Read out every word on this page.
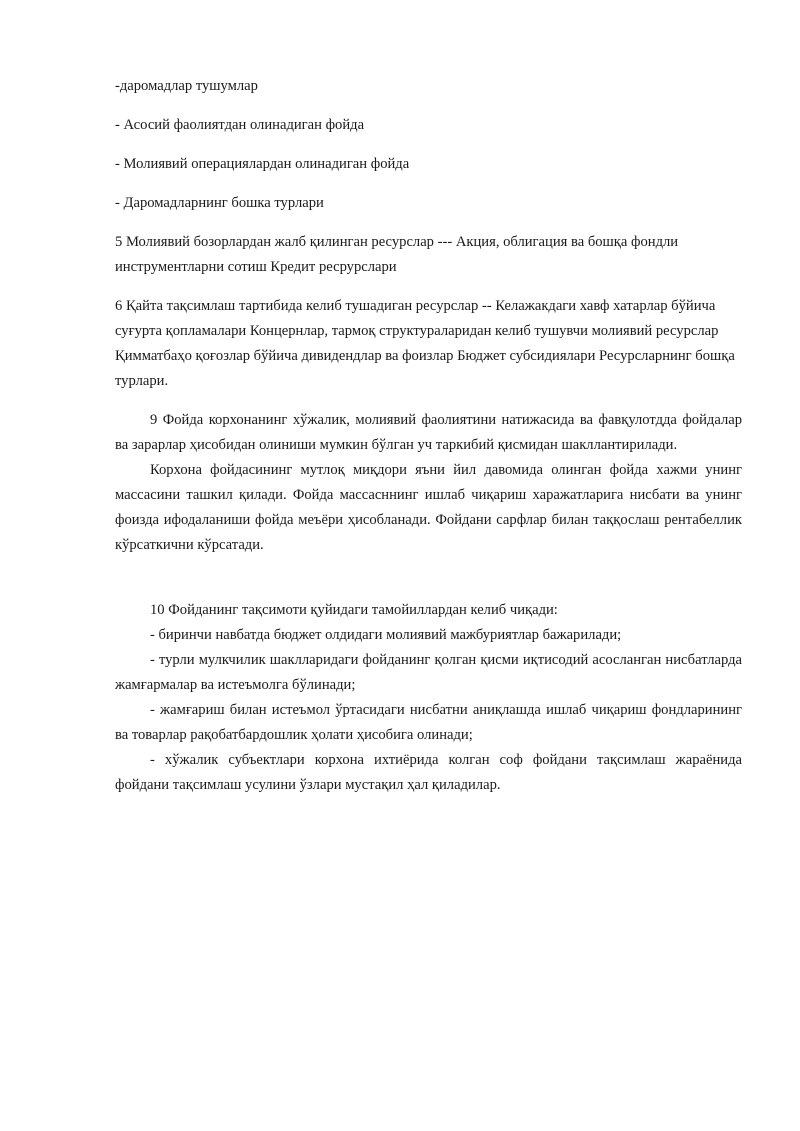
-даромадлар тушумлар

- Асосий фаолиятдан олинадиган фойда

- Молиявий операциялардан олинадиган фойда

- Даромадларнинг бошка турлари

5 Молиявий бозорлардан жалб қилинган ресурслар --- Акция, облигация ва бошқа фондли инструментларни сотиш Кредит ресрурслари

6 Қайта тақсимлаш тартибида келиб тушадиган ресурслар -- Келажакдаги хавф хатарлар бўйича суғурта қопламалари Концернлар, тармоқ структураларидан келиб тушувчи молиявий ресурслар Қимматбаҳо қоғозлар бўйича дивидендлар ва фоизлар Бюджет субсидиялари Ресурсларнинг бошқа турлари.

9 Фойда корхонанинг хўжалик, молиявий фаолиятини натижасида ва фавқулотдда фойдалар ва зарарлар ҳисобидан олиниши мумкин бўлган уч таркибий қисмидан шакллантирилади.

Корхона фойдасининг мутлоқ миқдори яъни йил давомида олинган фойда хажми унинг массасини ташкил қилади. Фойда массасннинг ишлаб чиқариш харажатларига нисбати ва унинг фоизда ифодаланиши фойда меъёри ҳисобланади. Фойдани сарфлар билан таққослаш рентабеллик кўрсаткични кўрсатади.

10 Фойданинг тақсимоти қуйидаги тамойиллардан келиб чиқади:

- биринчи навбатда бюджет олдидаги молиявий мажбуриятлар бажарилади;

- турли мулкчилик шаклларидаги фойданинг қолган қисми иқтисодий асосланган нисбатларда жамғармалар ва истеъмолга бўлинади;

- жамғариш билан истеъмол ўртасидаги нисбатни аниқлашда ишлаб чиқариш фондларининг ва товарлар рақобатбардошлик ҳолати ҳисобига олинади;

- хўжалик субъектлари корхона ихтиёрида колган соф фойдани тақсимлаш жараёнида фойдани тақсимлаш усулини ўзлари мустақил ҳал қиладилар.
